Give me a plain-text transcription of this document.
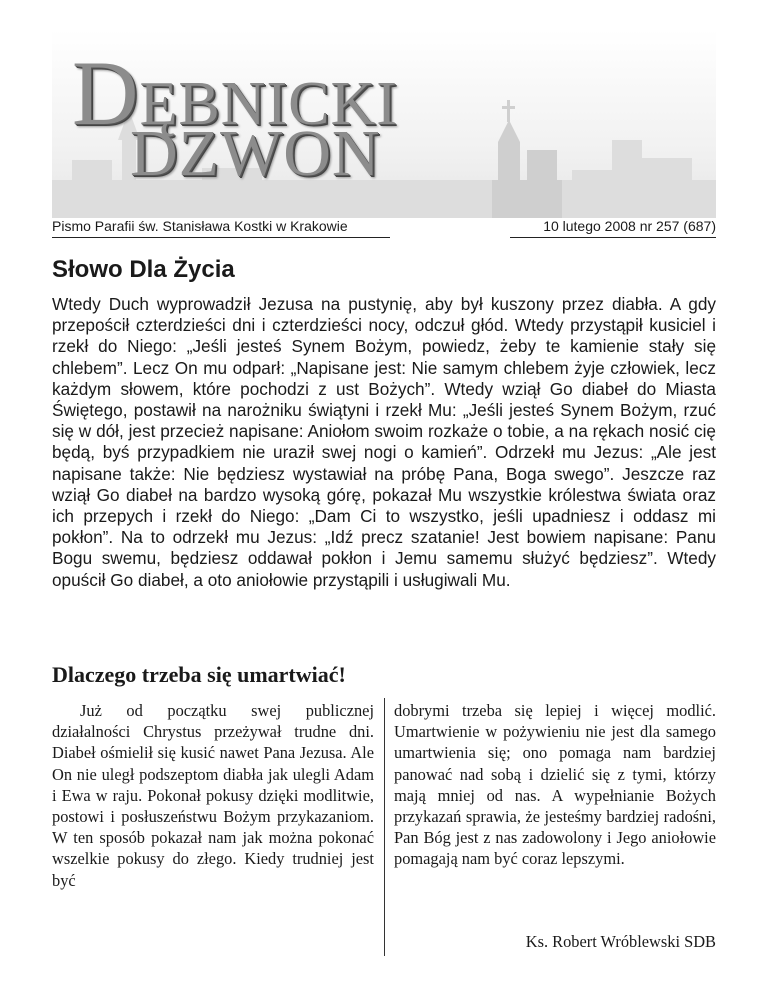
DĘBNICKI
DZWON
Pismo Parafii św. Stanisława Kostki w Krakowie	10 lutego 2008 nr 257 (687)
Słowo Dla Życia
Wtedy Duch wyprowadził Jezusa na pustynię, aby był kuszony przez diabła. A gdy przepościł czterdzieści dni i czterdzieści nocy, odczuł głód. Wtedy przystąpił kusiciel i rzekł do Niego: „Jeśli jesteś Synem Bożym, powiedz, żeby te kamienie stały się chlebem”. Lecz On mu odparł: „Napisane jest: Nie samym chlebem żyje człowiek, lecz każdym słowem, które pochodzi z ust Bożych”. Wtedy wziął Go diabeł do Miasta Świętego, postawił na narożniku świątyni i rzekł Mu: „Jeśli jesteś Synem Bożym, rzuć się w dół, jest przecież napisane: Aniołom swoim rozkaże o tobie, a na rękach nosić cię będą, byś przypadkiem nie uraził swej nogi o kamień”. Odrzekł mu Jezus: „Ale jest napisane także: Nie będziesz wystawiał na próbę Pana, Boga swego”. Jeszcze raz wziął Go diabeł na bardzo wysoką górę, pokazał Mu wszystkie królestwa świata oraz ich przepych i rzekł do Niego: „Dam Ci to wszystko, jeśli upadniesz i oddasz mi pokłon”. Na to odrzekł mu Jezus: „Idź precz szatanie! Jest bowiem napisane: Panu Bogu swemu, będziesz oddawał pokłon i Jemu samemu służyć będziesz”. Wtedy opuścił Go diabeł, a oto aniołowie przystąpili i usługiwali Mu.
Dlaczego trzeba się umartwiać!
Już od początku swej publicznej działalności Chrystus przeżywał trudne dni. Diabeł ośmielił się kusić nawet Pana Jezusa. Ale On nie uległ podszeptom diabła jak ulegli Adam i Ewa w raju. Pokonał pokusy dzięki modlitwie, postowi i posłuszeństwu Bożym przykazaniom. W ten sposób pokazał nam jak można pokonać wszelkie pokusy do złego. Kiedy trudniej jest być
dobrymi trzeba się lepiej i więcej modlić. Umartwienie w pożywieniu nie jest dla samego umartwienia się; ono pomaga nam bardziej panować nad sobą i dzielić się z tymi, którzy mają mniej od nas. A wypełnianie Bożych przykazań sprawia, że jesteśmy bardziej radośni, Pan Bóg jest z nas zadowolony i Jego aniołowie pomagają nam być coraz lepszymi.
Ks. Robert Wróblewski SDB
